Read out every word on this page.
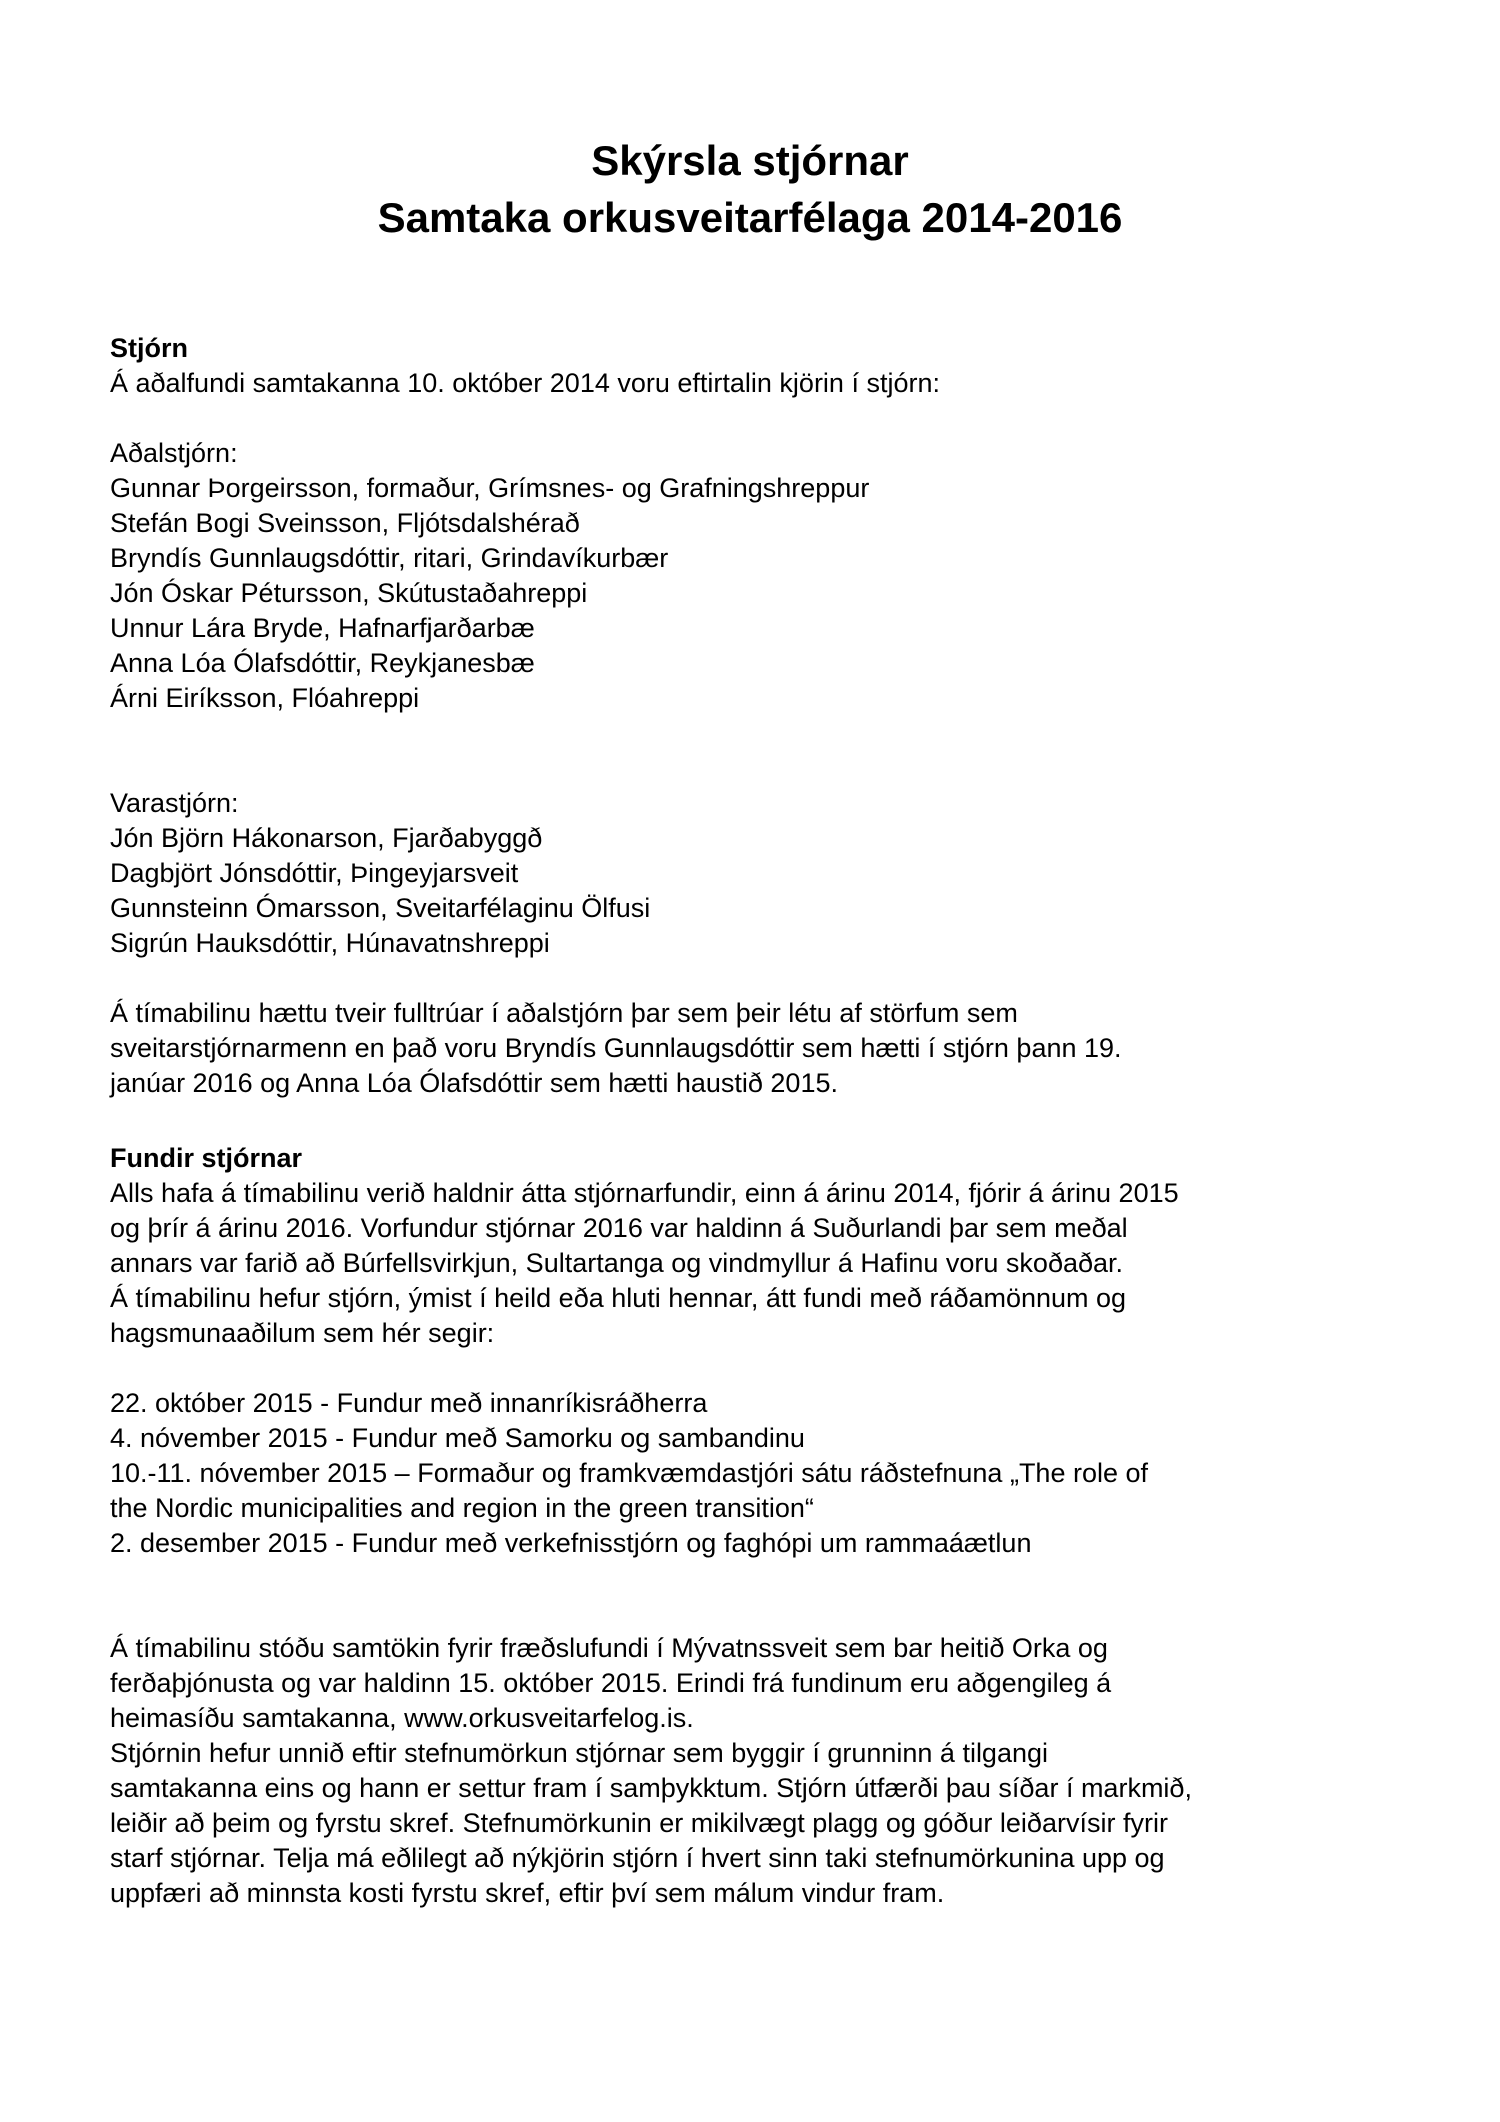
Skýrsla stjórnar
Samtaka orkusveitarfélaga 2014-2016
Stjórn
Á aðalfundi samtakanna 10. október 2014 voru eftirtalin kjörin í stjórn:
Aðalstjórn:
Gunnar Þorgeirsson, formaður, Grímsnes- og Grafningshreppur
Stefán Bogi Sveinsson, Fljótsdalshérað
Bryndís Gunnlaugsdóttir, ritari, Grindavíkurbær
Jón Óskar Pétursson, Skútustaðahreppi
Unnur Lára Bryde, Hafnarfjarðarbæ
Anna Lóa Ólafsdóttir, Reykjanesbæ
Árni Eiríksson, Flóahreppi
Varastjórn:
Jón Björn Hákonarson, Fjarðabyggð
Dagbjört Jónsdóttir, Þingeyjarsveit
Gunnsteinn Ómarsson, Sveitarfélaginu Ölfusi
Sigrún Hauksdóttir, Húnavatnshreppi
Á tímabilinu hættu tveir fulltrúar í aðalstjórn þar sem þeir létu af störfum sem
sveitarstjórnarmenn en það voru Bryndís Gunnlaugsdóttir sem hætti í stjórn þann 19.
janúar 2016 og Anna Lóa Ólafsdóttir sem hætti haustið 2015.
Fundir stjórnar
Alls hafa á tímabilinu verið haldnir átta stjórnarfundir, einn á árinu 2014, fjórir á árinu 2015
og þrír á árinu 2016. Vorfundur stjórnar 2016 var haldinn á Suðurlandi þar sem meðal
annars var farið að Búrfellsvirkjun, Sultartanga og vindmyllur á Hafinu voru skoðaðar.
Á tímabilinu hefur stjórn, ýmist í heild eða hluti hennar, átt fundi með ráðamönnum og
hagsmunaaðilum sem hér segir:
22. október 2015 - Fundur með innanríkisráðherra
4. nóvember 2015 - Fundur með Samorku og sambandinu
10.-11. nóvember 2015 – Formaður og framkvæmdastjóri sátu ráðstefnuna „The role of
the Nordic municipalities and region in the green transition“
2. desember 2015 - Fundur með verkefnisstjórn og faghópi um rammaáætlun
Á tímabilinu stóðu samtökin fyrir fræðslufundi í Mývatnssveit sem bar heitið Orka og
ferðaþjónusta og var haldinn 15. október 2015. Erindi frá fundinum eru aðgengileg á
heimasíðu samtakanna, www.orkusveitarfelog.is.
Stjórnin hefur unnið eftir stefnumörkun stjórnar sem byggir í grunninn á tilgangi
samtakanna eins og hann er settur fram í samþykktum. Stjórn útfærði þau síðar í markmið,
leiðir að þeim og fyrstu skref. Stefnumörkunin er mikilvægt plagg og góður leiðarvísir fyrir
starf stjórnar. Telja má eðlilegt að nýkjörin stjórn í hvert sinn taki stefnumörkunina upp og
uppfæri að minnsta kosti fyrstu skref, eftir því sem málum vindur fram.
